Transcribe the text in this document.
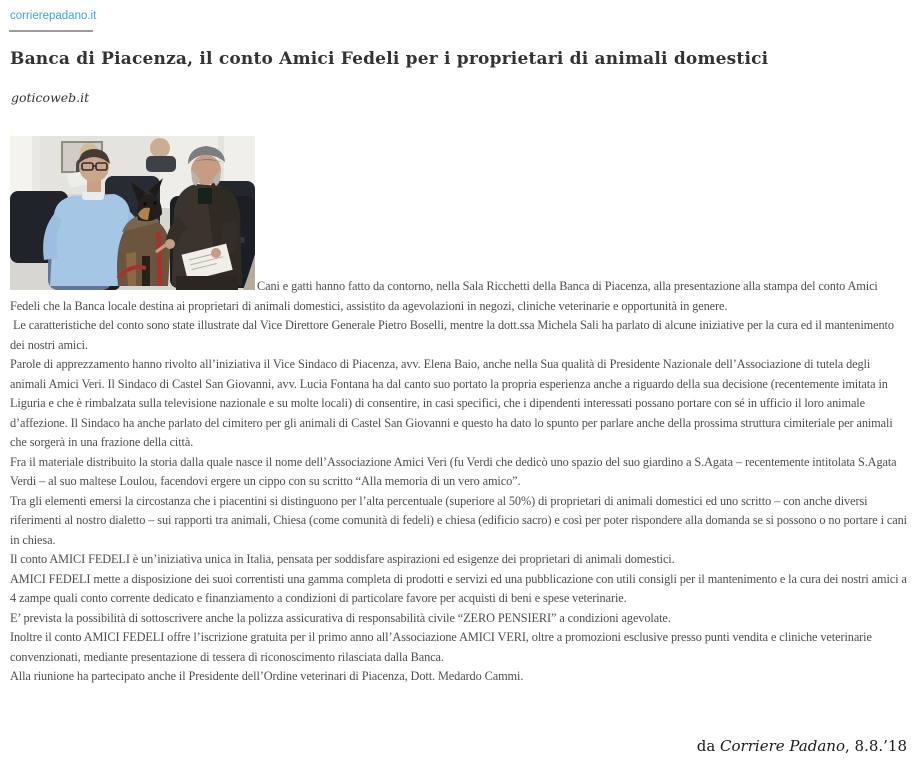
corrierepadano.it
Banca di Piacenza, il conto Amici Fedeli per i proprietari di animali domestici
goticoweb.it

Cani e gatti hanno fatto da contorno, nella Sala Ricchetti della Banca di Piacenza, alla presentazione alla stampa del conto Amici Fedeli che la Banca locale destina ai proprietari di animali domestici, assistito da agevolazioni in negozi, cliniche veterinarie e opportunità in genere.

Le caratteristiche del conto sono state illustrate dal Vice Direttore Generale Pietro Boselli, mentre la dott.ssa Michela Sali ha parlato di alcune iniziative per la cura ed il mantenimento dei nostri amici.

Parole di apprezzamento hanno rivolto all’iniziativa il Vice Sindaco di Piacenza, avv. Elena Baio, anche nella Sua qualità di Presidente Nazionale dell’Associazione di tutela degli animali Amici Veri. Il Sindaco di Castel San Giovanni, avv. Lucia Fontana ha dal canto suo portato la propria esperienza anche a riguardo della sua decisione (recentemente imitata in Liguria e che è rimbalzata sulla televisione nazionale e su molte locali) di consentire, in casi specifici, che i dipendenti interessati possano portare con sé in ufficio il loro animale d’affezione. Il Sindaco ha anche parlato del cimitero per gli animali di Castel San Giovanni e questo ha dato lo spunto per parlare anche della prossima struttura cimiteriale per animali che sorgerà in una frazione della città.

Fra il materiale distribuito la storia dalla quale nasce il nome dell’Associazione Amici Veri (fu Verdi che dedicò uno spazio del suo giardino a S.Agata – recentemente intitolata S.Agata Verdi – al suo maltese Loulou, facendovi ergere un cippo con su scritto “Alla memoria di un vero amico”.

Tra gli elementi emersi la circostanza che i piacentini si distinguono per l’alta percentuale (superiore al 50%) di proprietari di animali domestici ed uno scritto – con anche diversi riferimenti al nostro dialetto – sui rapporti tra animali, Chiesa (come comunità di fedeli) e chiesa (edificio sacro) e così per poter rispondere alla domanda se si possono o no portare i cani in chiesa.

Il conto AMICI FEDELI è un’iniziativa unica in Italia, pensata per soddisfare aspirazioni ed esigenze dei proprietari di animali domestici.

AMICI FEDELI mette a disposizione dei suoi correntisti una gamma completa di prodotti e servizi ed una pubblicazione con utili consigli per il mantenimento e la cura dei nostri amici a 4 zampe quali conto corrente dedicato e finanziamento a condizioni di particolare favore per acquisti di beni e spese veterinarie.

E’ prevista la possibilità di sottoscrivere anche la polizza assicurativa di responsabilità civile “ZERO PENSIERI” a condizioni agevolate.

Inoltre il conto AMICI FEDELI offre l’iscrizione gratuita per il primo anno all’Associazione AMICI VERI, oltre a promozioni esclusive presso punti vendita e cliniche veterinarie convenzionati, mediante presentazione di tessera di riconoscimento rilasciata dalla Banca.

Alla riunione ha partecipato anche il Presidente dell’Ordine veterinari di Piacenza, Dott. Medardo Cammi.

da Corriere Padano, 8.8.’18
